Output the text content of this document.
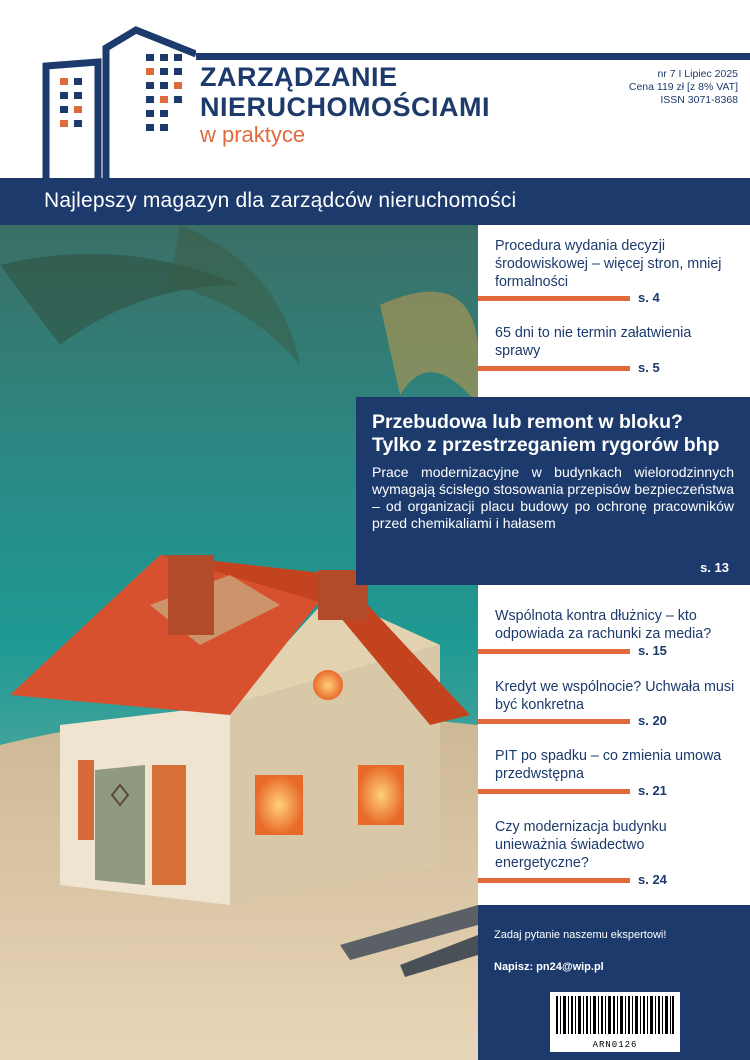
ZARZĄDZANIE
NIERUCHOMOŚCIAMI
w praktyce
nr 7 I Lipiec 2025
Cena 119 zł [z 8% VAT]
ISSN 3071-8368
Najlepszy magazyn dla zarządców nieruchomości
Procedura wydania decyzji środowiskowej – więcej stron, mniej formalności
s. 4
65 dni to nie termin załatwienia sprawy
s. 5
Wspólnota kontra dłużnicy – kto odpowiada za rachunki za media?
s. 15
Kredyt we wspólnocie? Uchwała musi być konkretna
s. 20
PIT po spadku – co zmienia umowa przedwstępna
s. 21
Czy modernizacja budynku unieważnia świadectwo energetyczne?
s. 24
Przebudowa lub remont w bloku? Tylko z przestrzeganiem rygorów bhp
Prace modernizacyjne w budynkach wielorodzinnych wymagają ścisłego stosowania przepisów bezpieczeństwa – od organizacji placu budowy po ochronę pracowników przed chemikaliami i hałasem
s. 13
Zadaj pytanie naszemu ekspertowi!
Napisz: pn24@wip.pl
ARN0126
